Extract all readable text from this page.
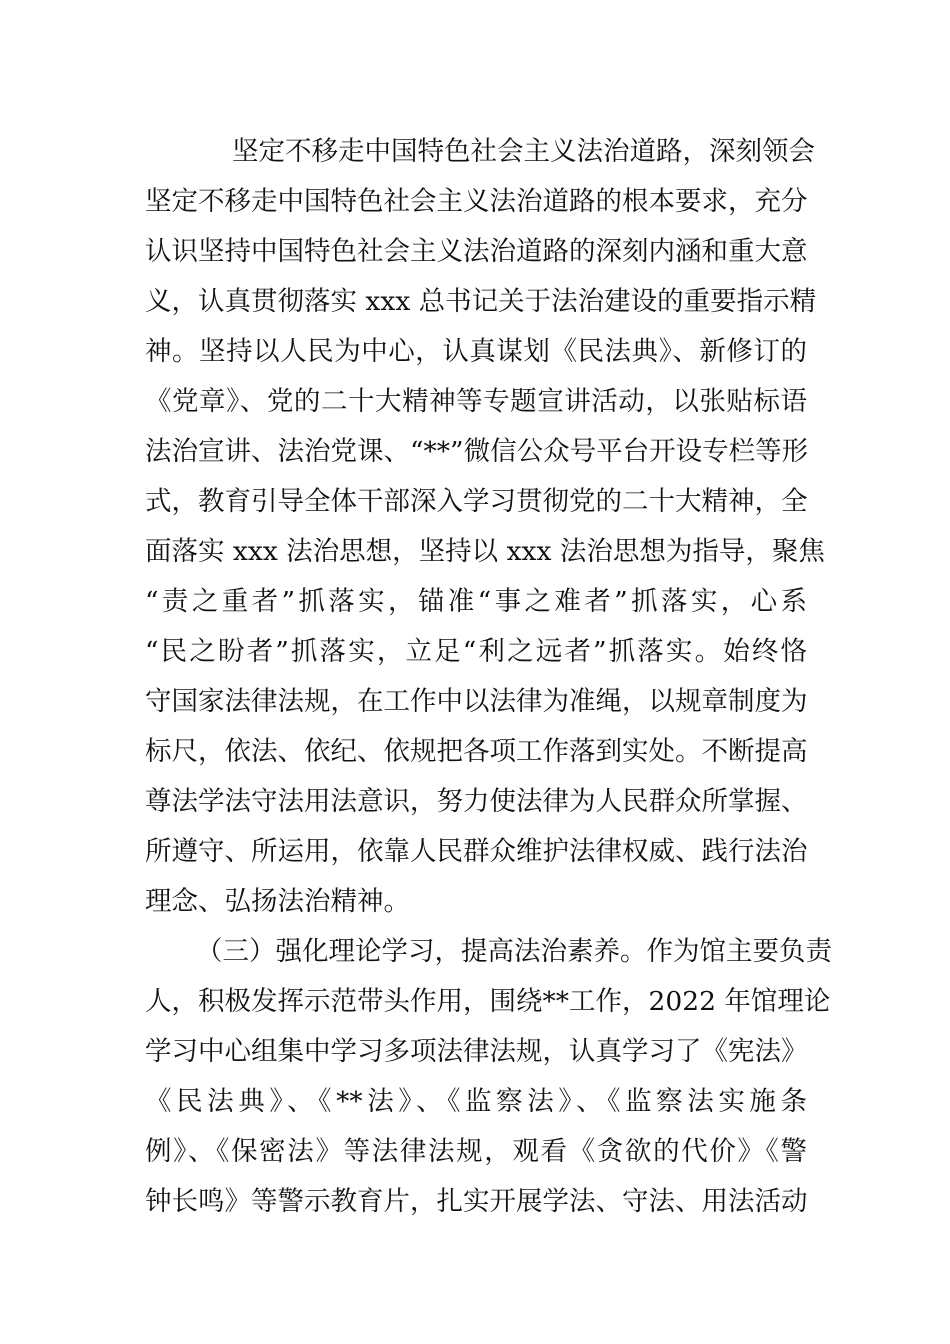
坚定不移走中国特色社会主义法治道路，深刻领会
坚定不移走中国特色社会主义法治道路的根本要求，充分
认识坚持中国特色社会主义法治道路的深刻内涵和重大意
义，认真贯彻落实 xxx 总书记关于法治建设的重要指示精
神。坚持以人民为中心，认真谋划《民法典》、新修订的
《党章》、党的二十大精神等专题宣讲活动，以张贴标语
法治宣讲、法治党课、“**”微信公众号平台开设专栏等形
式，教育引导全体干部深入学习贯彻党的二十大精神，全
面落实 xxx 法治思想，坚持以 xxx 法治思想为指导，聚焦
“责之重者”抓落实，锚准“事之难者”抓落实，心系
“民之盼者”抓落实，立足“利之远者”抓落实。始终恪
守国家法律法规，在工作中以法律为准绳，以规章制度为
标尺，依法、依纪、依规把各项工作落到实处。不断提高
尊法学法守法用法意识，努力使法律为人民群众所掌握、
所遵守、所运用，依靠人民群众维护法律权威、践行法治
理念、弘扬法治精神。
（三）强化理论学习，提高法治素养。作为馆主要负责
人，积极发挥示范带头作用，围绕**工作，2022 年馆理论
学习中心组集中学习多项法律法规，认真学习了《宪法》
《民法典》、《**法》、《监察法》、《监察法实施条
例》、《保密法》等法律法规，观看《贪欲的代价》《警
钟长鸣》等警示教育片，扎实开展学法、守法、用法活动
